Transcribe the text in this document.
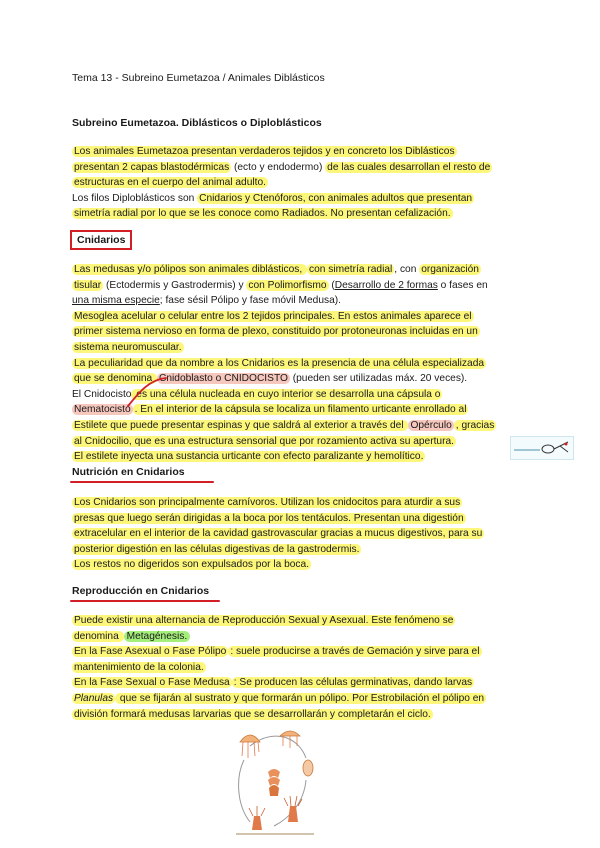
Tema 13 - Subreino Eumetazoa / Animales Diblásticos
Subreino Eumetazoa. Diblásticos o Diploblásticos
Los animales Eumetazoa presentan verdaderos tejidos y en concreto los Diblásticos
presentan 2 capas blastodérmicas (ecto y endodermo) de las cuales desarrollan el resto de
estructuras en el cuerpo del animal adulto.
Los filos Diploblásticos son Cnidarios y Ctenóforos, con animales adultos que presentan
simetría radial por lo que se les conoce como Radiados. No presentan cefalización.
Cnidarios
Las medusas y/o pólipos son animales diblásticos, con simetría radial , con organización
tisular (Ectodermis y Gastrodermis) y con Polimorfismo (Desarrollo de 2 formas o fases en
una misma especie; fase sésil Pólipo y fase móvil Medusa).
Mesoglea acelular o celular entre los 2 tejidos principales. En estos animales aparece el
primer sistema nervioso en forma de plexo, constituido por protoneuronas incluidas en un
sistema neuromuscular.
La peculiaridad que da nombre a los Cnidarios es la presencia de una célula especializada
que se denomina Cnidoblasto o CNIDOCISTO (pueden ser utilizadas máx. 20 veces).
El Cnidocisto es una célula nucleada en cuyo interior se desarrolla una cápsula o
Nematocisto . En el interior de la cápsula se localiza un filamento urticante enrollado al
Estilete que puede presentar espinas y que saldrá al exterior a través del Opérculo , gracias
al Cnidocilio, que es una estructura sensorial que por rozamiento activa su apertura.
El estilete inyecta una sustancia urticante con efecto paralizante y hemolítico.
Nutrición en Cnidarios
Los Cnidarios son principalmente carnívoros. Utilizan los cnidocitos para aturdir a sus
presas que luego serán dirigidas a la boca por los tentáculos. Presentan una digestión
extracelular en el interior de la cavidad gastrovascular gracias a mucus digestivos, para su
posterior digestión en las células digestivas de la gastrodermis.
Los restos no digeridos son expulsados por la boca.
Reproducción en Cnidarios
Puede existir una alternancia de Reproducción Sexual y Asexual. Este fenómeno se
denomina Metagénesis.
En la Fase Asexual o Fase Pólipo : suele producirse a través de Gemación y sirve para el
mantenimiento de la colonia.
En la Fase Sexual o Fase Medusa : Se producen las células germinativas, dando larvas
Planulas que se fijarán al sustrato y que formarán un pólipo. Por Estrobilación el pólipo en
división formará medusas larvarias que se desarrollarán y completarán el ciclo.
